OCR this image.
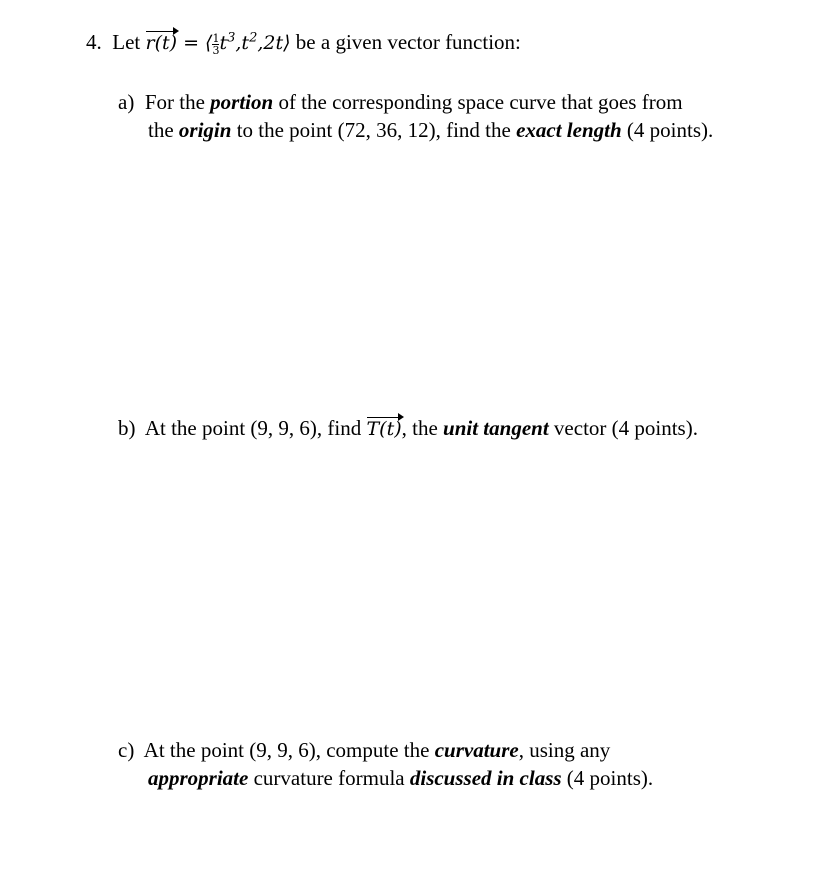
4. Let r(t) = ⟨ $\frac{1}{3}$ $t^3,t^2,2t⟩$ be a given vector function:
a) For the portion of the corresponding space curve that goes from
the origin to the point (72, 36, 12), find the exact length (4 points).
b) At the point (9, 9, 6), find T(t), the unit tangent vector (4 points).
c) At the point (9, 9, 6), compute the curvature, using any
appropriate curvature formula discussed in class (4 points).
